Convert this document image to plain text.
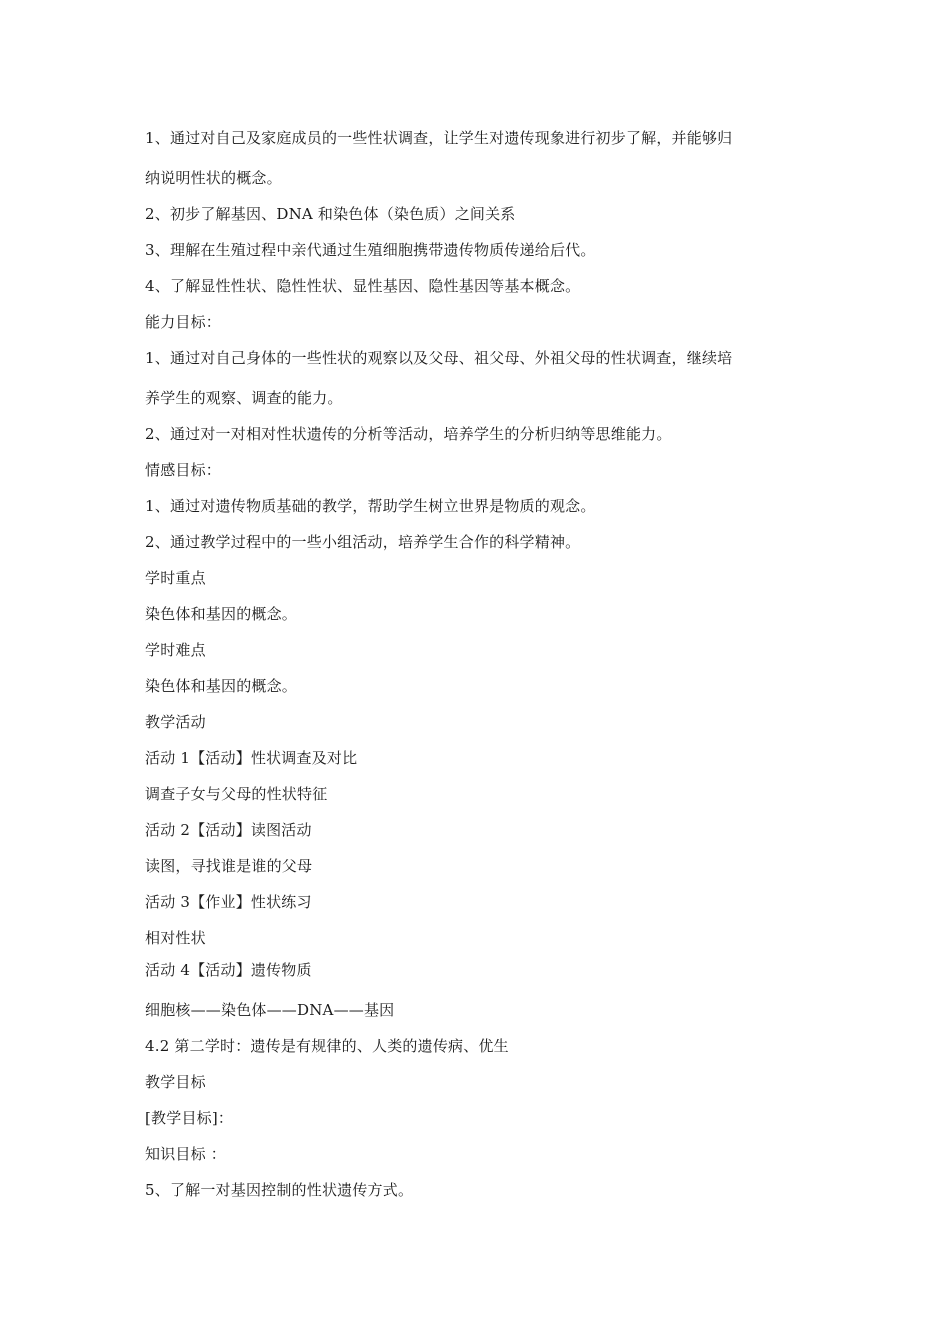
1、通过对自己及家庭成员的一些性状调查，让学生对遗传现象进行初步了解，并能够归
纳说明性状的概念。
2、初步了解基因、DNA 和染色体（染色质）之间关系
3、理解在生殖过程中亲代通过生殖细胞携带遗传物质传递给后代。
4、了解显性性状、隐性性状、显性基因、隐性基因等基本概念。
能力目标：
1、通过对自己身体的一些性状的观察以及父母、祖父母、外祖父母的性状调查，继续培
养学生的观察、调查的能力。
2、通过对一对相对性状遗传的分析等活动，培养学生的分析归纳等思维能力。
情感目标：
1、通过对遗传物质基础的教学，帮助学生树立世界是物质的观念。
2、通过教学过程中的一些小组活动，培养学生合作的科学精神。
学时重点
染色体和基因的概念。
学时难点
染色体和基因的概念。
教学活动
活动 1【活动】性状调查及对比
调查子女与父母的性状特征
活动 2【活动】读图活动
读图，寻找谁是谁的父母
活动 3【作业】性状练习
相对性状
活动 4【活动】遗传物质
细胞核——染色体——DNA——基因
4.2 第二学时：遗传是有规律的、人类的遗传病、优生
教学目标
[教学目标]：
知识目标 ：
5、了解一对基因控制的性状遗传方式。
